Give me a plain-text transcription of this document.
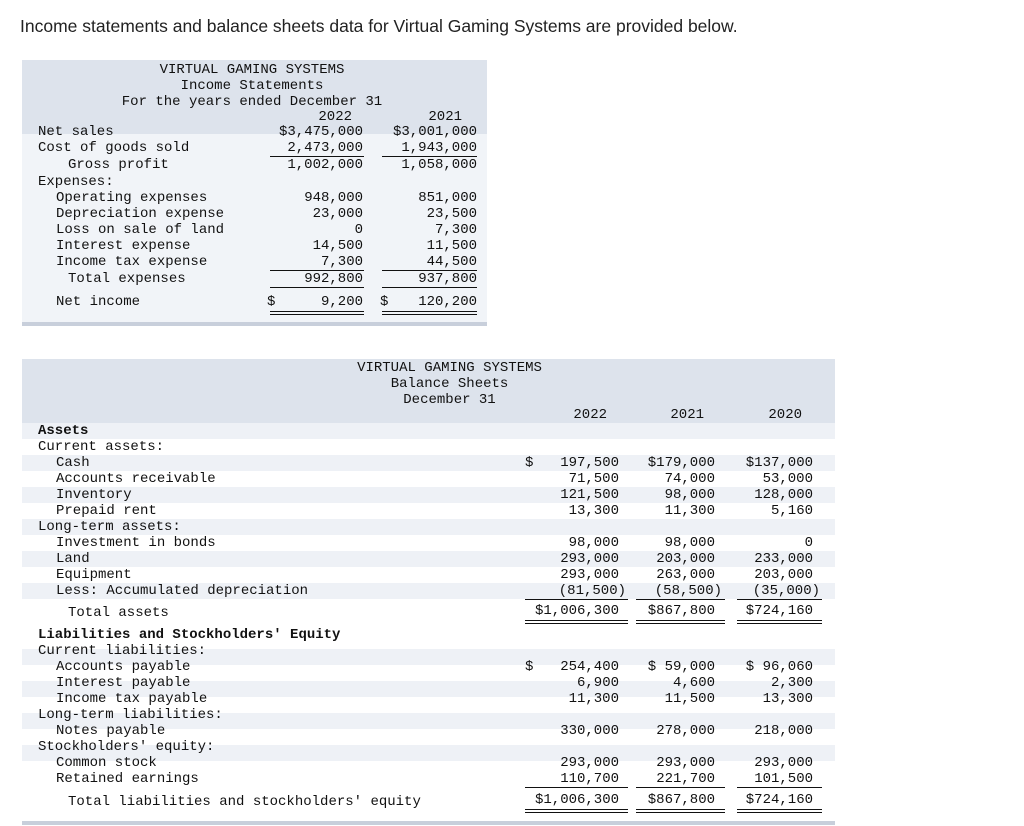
Income statements and balance sheets data for Virtual Gaming Systems are provided below.
VIRTUAL GAMING SYSTEMS
Income Statements
For the years ended December 31
2022	2021
Net sales	$3,475,000	$3,001,000
Cost of goods sold	2,473,000	1,943,000
Gross profit	1,002,000	1,058,000
Expenses:
Operating expenses	948,000	851,000
Depreciation expense	23,000	23,500
Loss on sale of land	0	7,300
Interest expense	14,500	11,500
Income tax expense	7,300	44,500
Total expenses	992,800	937,800
Net income	$	9,200 $	120,200
VIRTUAL GAMING SYSTEMS
Balance Sheets
December 31
2022	2021	2020
Assets
Current assets:
Cash	$	197,500	$179,000	$137,000
Accounts receivable	71,500	74,000	53,000
Inventory	121,500	98,000	128,000
Prepaid rent	13,300	11,300	5,160
Long-term assets:
Investment in bonds	98,000	98,000	0
Land	293,000	203,000	233,000
Equipment	293,000	263,000	203,000
Less: Accumulated depreciation	(81,500)	(58,500)	(35,000)
Total assets	$1,006,300	$867,800	$724,160
Liabilities and Stockholders' Equity
Current liabilities:
Accounts payable	$	254,400	$ 59,000	$ 96,060
Interest payable	6,900	4,600	2,300
Income tax payable	11,300	11,500	13,300
Long-term liabilities:
Notes payable	330,000	278,000	218,000
Stockholders' equity:
Common stock	293,000	293,000	293,000
Retained earnings	110,700	221,700	101,500
Total liabilities and stockholders' equity	$1,006,300	$867,800	$724,160
